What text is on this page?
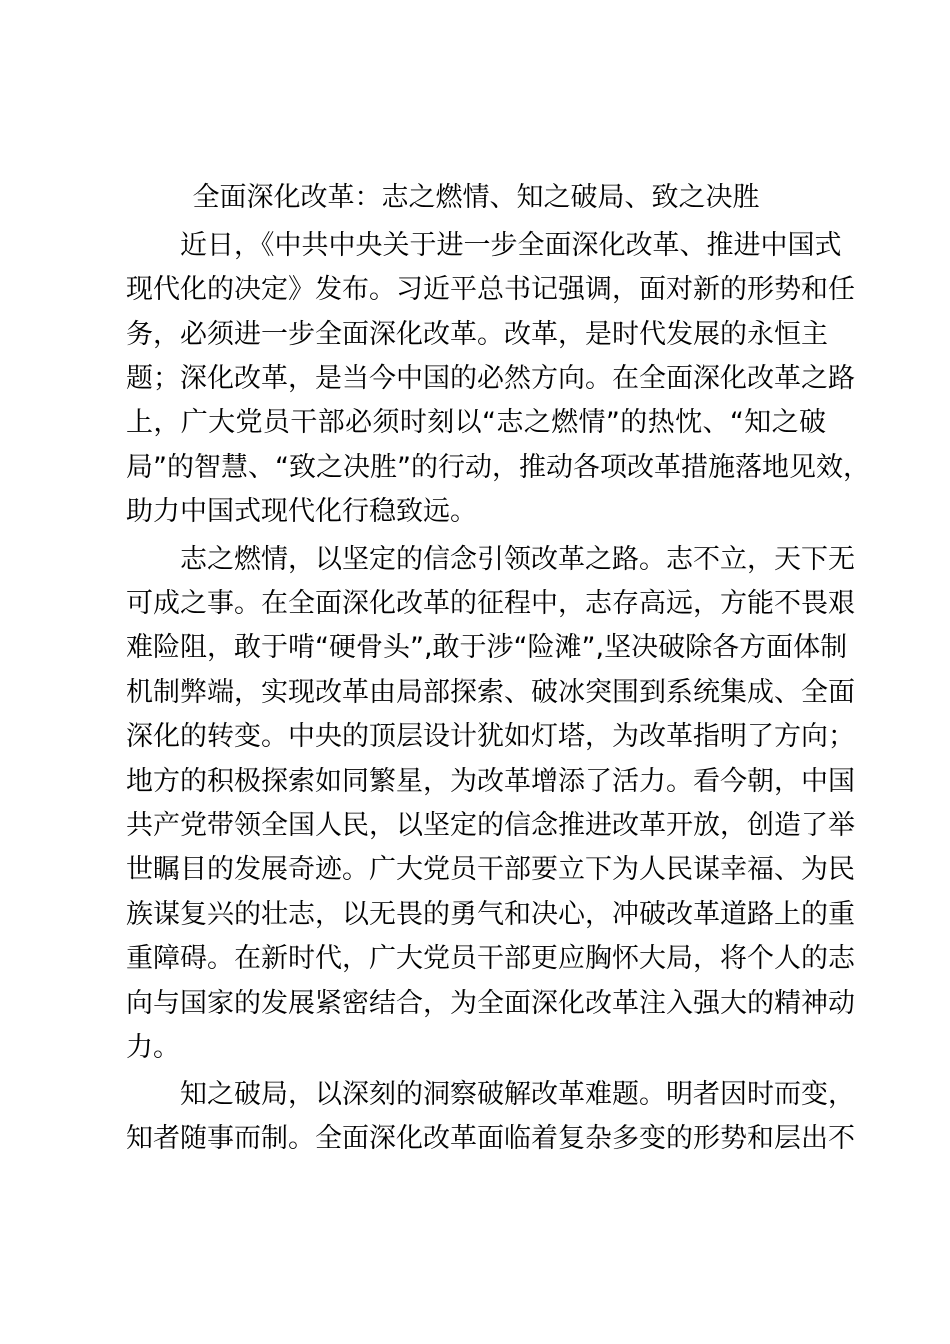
全面深化改革：志之燃情、知之破局、致之决胜
近日，《中共中央关于进一步全面深化改革、推进中国式
现代化的决定》发布。习近平总书记强调，面对新的形势和任
务，必须进一步全面深化改革。改革，是时代发展的永恒主
题；深化改革，是当今中国的必然方向。在全面深化改革之路
上，广大党员干部必须时刻以“志之燃情”的热忱、“知之破
局”的智慧、“致之决胜”的行动，推动各项改革措施落地见效，
助力中国式现代化行稳致远。
志之燃情，以坚定的信念引领改革之路。志不立，天下无
可成之事。在全面深化改革的征程中，志存高远，方能不畏艰
难险阻，敢于啃“硬骨头”,敢于涉“险滩”,坚决破除各方面体制
机制弊端，实现改革由局部探索、破冰突围到系统集成、全面
深化的转变。中央的顶层设计犹如灯塔，为改革指明了方向；
地方的积极探索如同繁星，为改革增添了活力。看今朝，中国
共产党带领全国人民，以坚定的信念推进改革开放，创造了举
世瞩目的发展奇迹。广大党员干部要立下为人民谋幸福、为民
族谋复兴的壮志，以无畏的勇气和决心，冲破改革道路上的重
重障碍。在新时代，广大党员干部更应胸怀大局，将个人的志
向与国家的发展紧密结合，为全面深化改革注入强大的精神动
力。
知之破局，以深刻的洞察破解改革难题。明者因时而变，
知者随事而制。全面深化改革面临着复杂多变的形势和层出不
